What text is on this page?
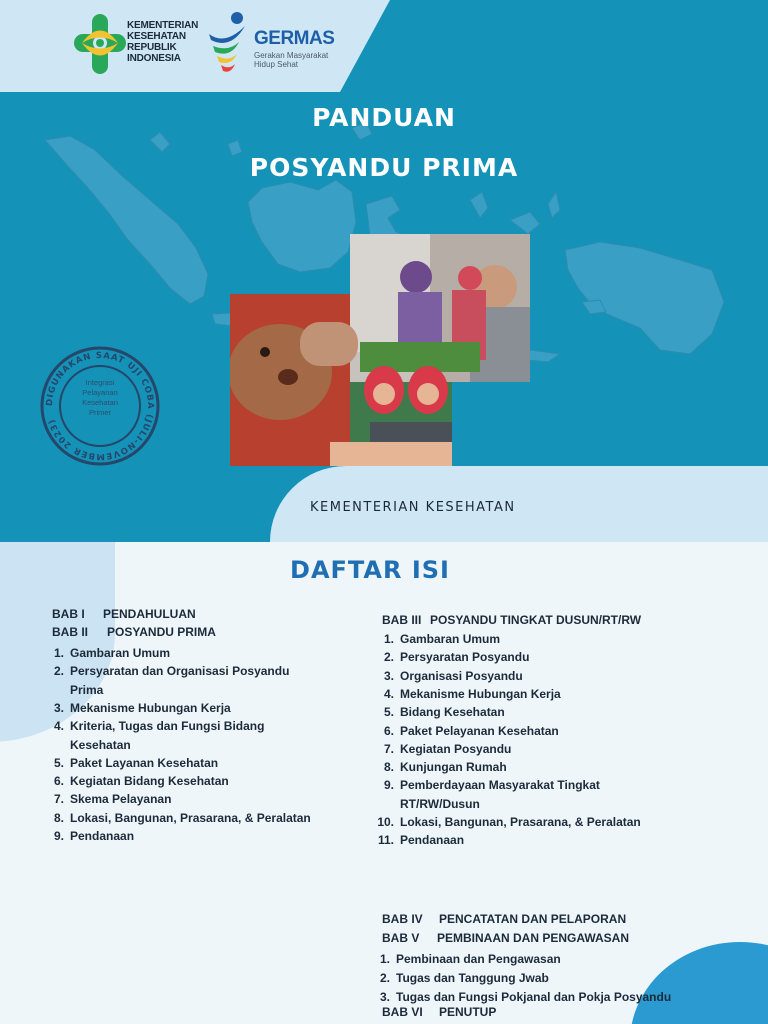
KEMENTERIAN
KESEHATAN
REPUBLIK
INDONESIA
GERMAS
Gerakan Masyarakat
Hidup Sehat
PANDUAN
POSYANDU PRIMA
DIGUNAKAN SAAT UJI COBA (JULI-NOVEMBER 2023)
Integrasi
Pelayanan
Kesehatan
Primer
KEMENTERIAN KESEHATAN
DAFTAR ISI
BAB I PENDAHULUAN
BAB II POSYANDU PRIMA
1. Gambaran Umum
2. Persyaratan dan Organisasi Posyandu
Prima
3. Mekanisme Hubungan Kerja
4. Kriteria, Tugas dan Fungsi Bidang
Kesehatan
5. Paket Layanan Kesehatan
6. Kegiatan Bidang Kesehatan
7. Skema Pelayanan
8. Lokasi, Bangunan, Prasarana, & Peralatan
9. Pendanaan
BAB III POSYANDU TINGKAT DUSUN/RT/RW
1. Gambaran Umum
2. Persyaratan Posyandu
3. Organisasi Posyandu
4. Mekanisme Hubungan Kerja
5. Bidang Kesehatan
6. Paket Pelayanan Kesehatan
7. Kegiatan Posyandu
8. Kunjungan Rumah
9. Pemberdayaan Masyarakat Tingkat
RT/RW/Dusun
10. Lokasi, Bangunan, Prasarana, & Peralatan
11. Pendanaan
BAB IV PENCATATAN DAN PELAPORAN
BAB V PEMBINAAN DAN PENGAWASAN
1. Pembinaan dan Pengawasan
2. Tugas dan Tanggung Jwab
3. Tugas dan Fungsi Pokjanal dan Pokja Posyandu
BAB VI PENUTUP
